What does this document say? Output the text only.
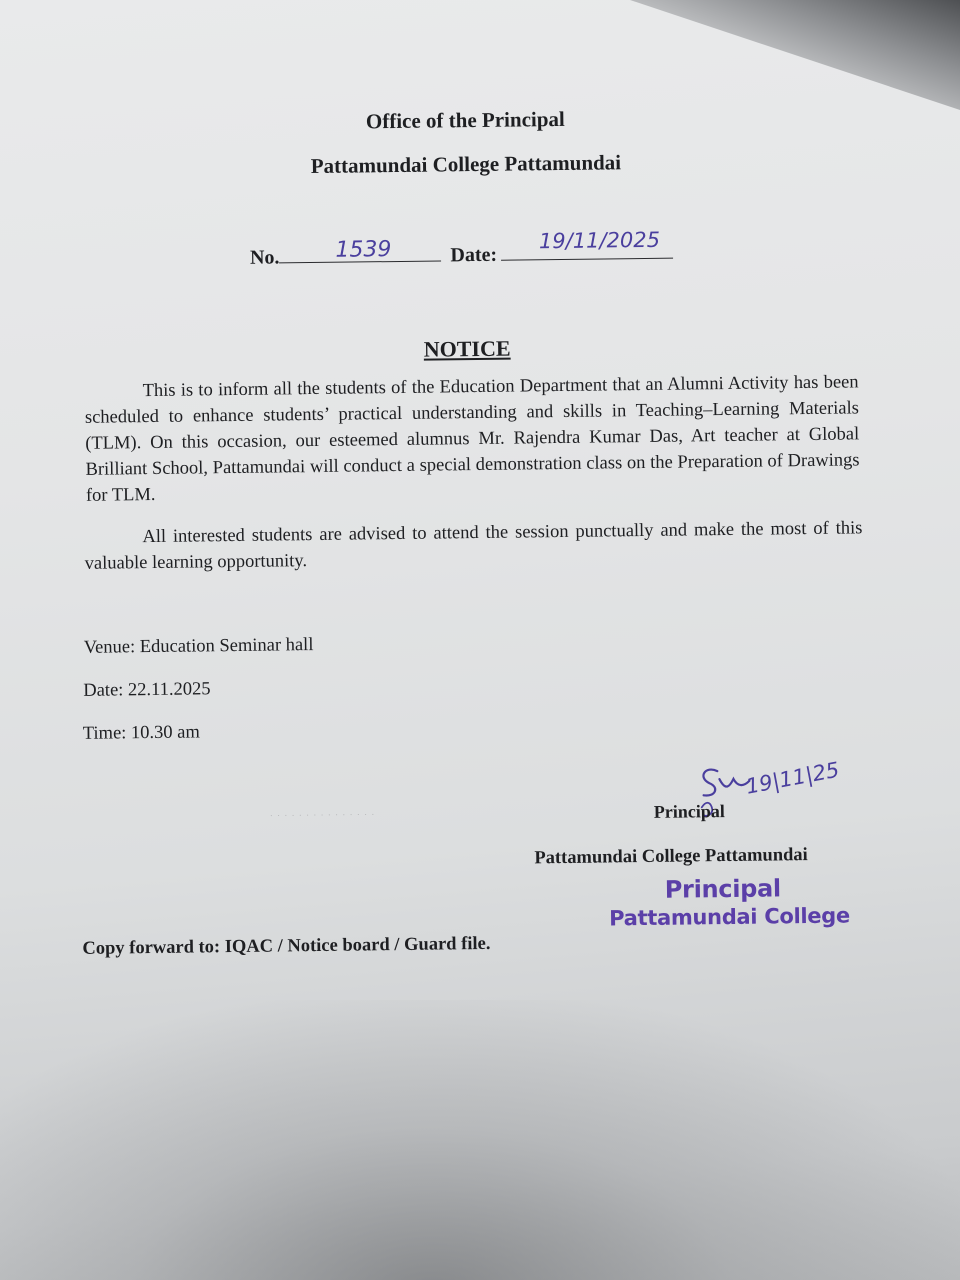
Office of the Principal
Pattamundai College Pattamundai
No.	1539	Date:
19/11/2025
NOTICE
This is to inform all the students of the Education Department that an Alumni Activity has been scheduled to enhance students’ practical understanding and skills in Teaching–Learning Materials (TLM). On this occasion, our esteemed alumnus Mr. Rajendra Kumar Das, Art teacher at Global Brilliant School, Pattamundai will conduct a special demonstration class on the Preparation of Drawings for TLM.
All interested students are advised to attend the session punctually and make the most of this valuable learning opportunity.
Venue: Education Seminar hall
Date: 22.11.2025
Time: 10.30 am
· · · · · · · · · · · · · · ·
19|11|25
Principal
Pattamundai College Pattamundai
Principal
Pattamundai College
Copy forward to: IQAC / Notice board / Guard file.
